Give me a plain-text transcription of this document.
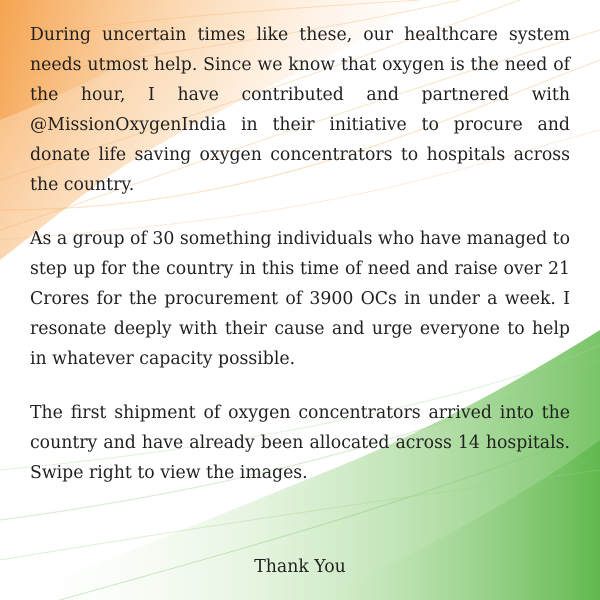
During uncertain times like these, our healthcare system needs utmost help. Since we know that oxygen is the need of the hour, I have contributed and partnered with @MissionOxygenIndia in their initiative to procure and donate life saving oxygen concentrators to hospitals across the country.

As a group of 30 something individuals who have managed to step up for the country in this time of need and raise over 21 Crores for the procurement of 3900 OCs in under a week. I resonate deeply with their cause and urge everyone to help in whatever capacity possible.

The first shipment of oxygen concentrators arrived into the country and have already been allocated across 14 hospitals. Swipe right to view the images.

Thank You
